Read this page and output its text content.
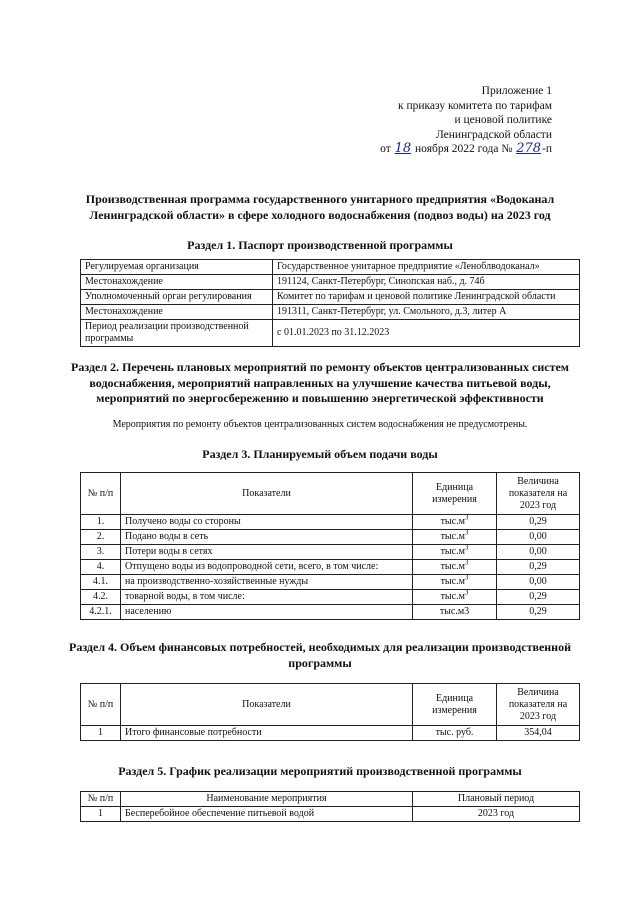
Приложение 1
к приказу комитета по тарифам
и ценовой политике
Ленинградской области
от 18 ноября 2022 года № 278-п
Производственная программа государственного унитарного предприятия «Водоканал Ленинградской области» в сфере холодного водоснабжения (подвоз воды) на 2023 год
Раздел 1. Паспорт производственной программы
Регулируемая организация	Государственное унитарное предприятие «Леноблводоканал»
Местонахождение	191124, Санкт-Петербург, Синопская наб., д. 74б
Уполномоченный орган регулирования	Комитет по тарифам и ценовой политике Ленинградской области
Местонахождение	191311, Санкт-Петербург, ул. Смольного, д.3, литер А
Период реализации производственной программы	с 01.01.2023 по 31.12.2023
Раздел 2. Перечень плановых мероприятий по ремонту объектов централизованных систем водоснабжения, мероприятий направленных на улучшение качества питьевой воды, мероприятий по энергосбережению и повышению энергетической эффективности
Мероприятия по ремонту объектов централизованных систем водоснабжения не предусмотрены.
Раздел 3. Планируемый объем подачи воды
№ п/п	Показатели	Единица измерения	Величина показателя на 2023 год
1.	Получено воды со стороны	$тыс.м^3$	0,29
2.	Подано воды в сеть	$тыс.м^3$	0,00
3.	Потери воды в сетях	$тыс.м^3$	0,00
4.	Отпущено воды из водопроводной сети, всего, в том числе:	$тыс.м^3$	0,29
4.1.	на производственно-хозяйственные нужды	$тыс.м^3$	0,00
4.2.	товарной воды, в том числе:	$тыс.м^3$	0,29
4.2.1.	населению	тыс.м3	0,29
Раздел 4. Объем финансовых потребностей, необходимых для реализации производственной программы
№ п/п	Показатели	Единица измерения	Величина показателя на 2023 год
1	Итого финансовые потребности	тыс. руб.	354,04
Раздел 5. График реализации мероприятий производственной программы
№ п/п	Наименование мероприятия	Плановый период
1	Бесперебойное обеспечение питьевой водой	2023 год
